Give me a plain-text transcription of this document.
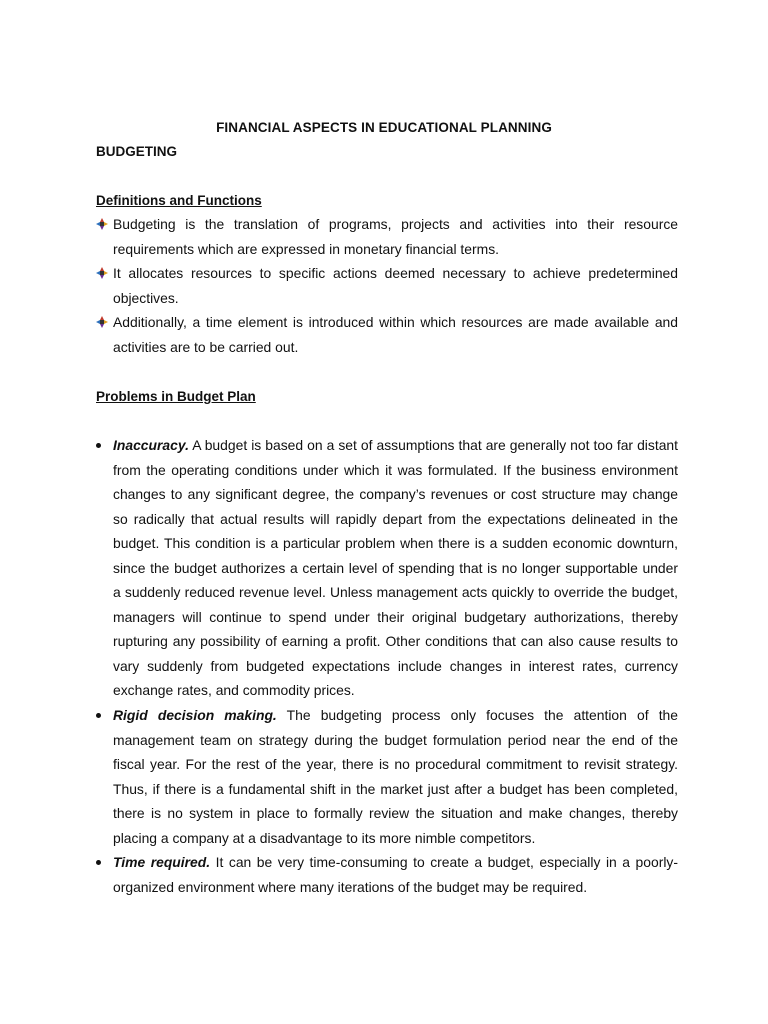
FINANCIAL ASPECTS IN EDUCATIONAL PLANNING
BUDGETING
Definitions and Functions
Budgeting is the translation of programs, projects and activities into their resource requirements which are expressed in monetary financial terms.
It allocates resources to specific actions deemed necessary to achieve predetermined objectives.
Additionally, a time element is introduced within which resources are made available and activities are to be carried out.
Problems in Budget Plan
Inaccuracy. A budget is based on a set of assumptions that are generally not too far distant from the operating conditions under which it was formulated. If the business environment changes to any significant degree, the company’s revenues or cost structure may change so radically that actual results will rapidly depart from the expectations delineated in the budget. This condition is a particular problem when there is a sudden economic downturn, since the budget authorizes a certain level of spending that is no longer supportable under a suddenly reduced revenue level. Unless management acts quickly to override the budget, managers will continue to spend under their original budgetary authorizations, thereby rupturing any possibility of earning a profit. Other conditions that can also cause results to vary suddenly from budgeted expectations include changes in interest rates, currency exchange rates, and commodity prices.
Rigid decision making. The budgeting process only focuses the attention of the management team on strategy during the budget formulation period near the end of the fiscal year. For the rest of the year, there is no procedural commitment to revisit strategy. Thus, if there is a fundamental shift in the market just after a budget has been completed, there is no system in place to formally review the situation and make changes, thereby placing a company at a disadvantage to its more nimble competitors.
Time required. It can be very time-consuming to create a budget, especially in a poorly-organized environment where many iterations of the budget may be required.
